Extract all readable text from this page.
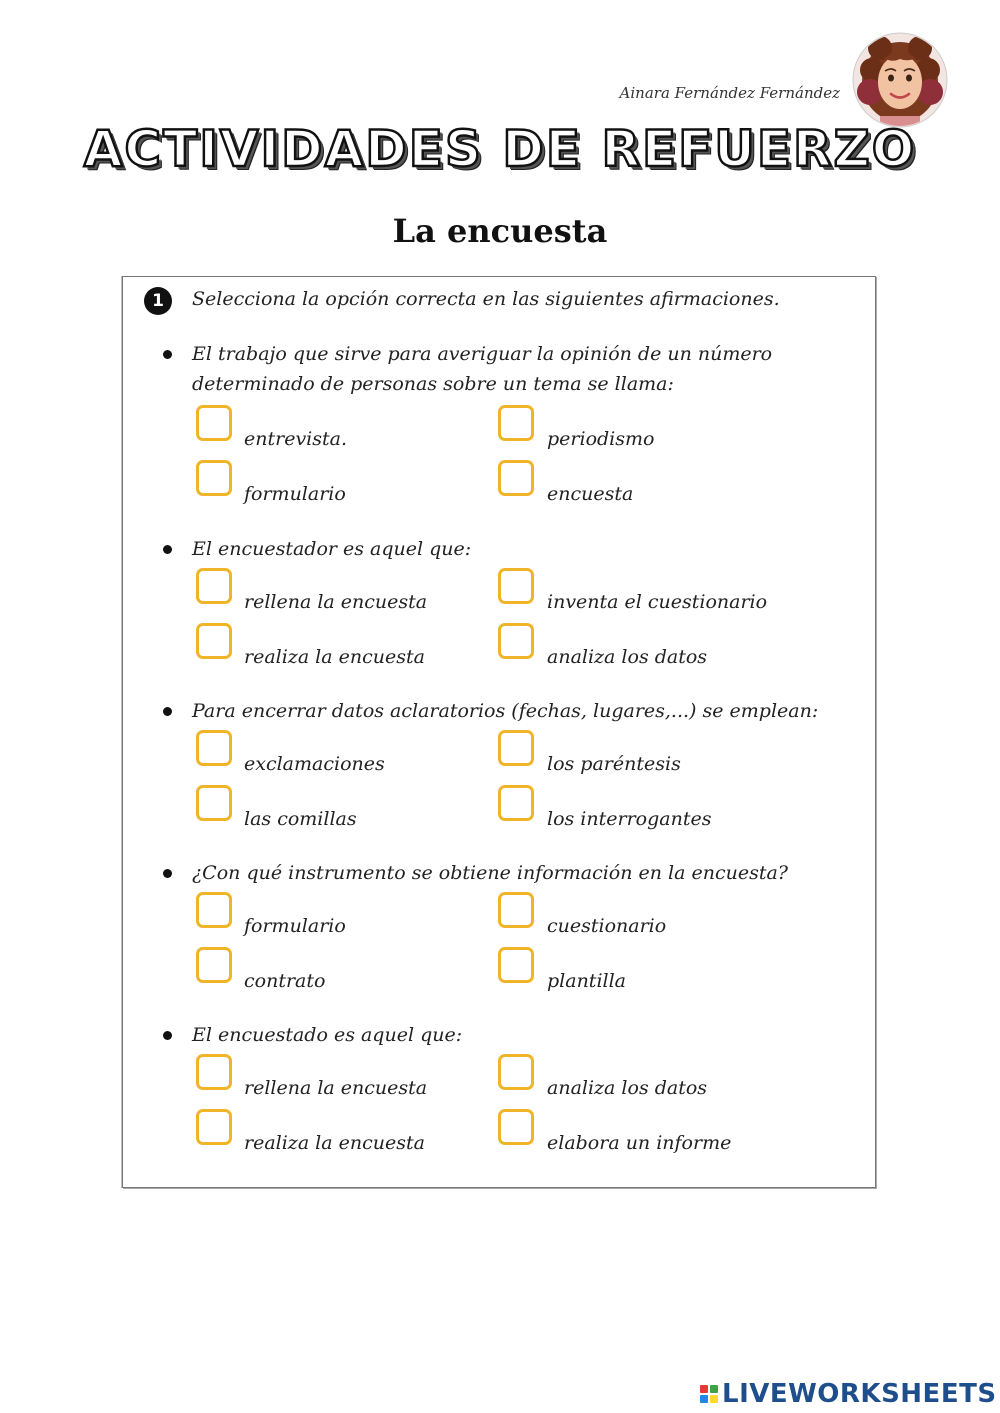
Ainara Fernández Fernández
ACTIVIDADES DE REFUERZO
La encuesta
1	Selecciona la opción correcta en las siguientes afirmaciones.
El trabajo que sirve para averiguar la opinión de un número
determinado de personas sobre un tema se llama:
entrevista.	periodismo
formulario	encuesta
El encuestador es aquel que:
rellena la encuesta	inventa el cuestionario
realiza la encuesta	analiza los datos
Para encerrar datos aclaratorios (fechas, lugares,...) se emplean:
exclamaciones	los paréntesis
las comillas	los interrogantes
¿Con qué instrumento se obtiene información en la encuesta?
formulario	cuestionario
contrato	plantilla
El encuestado es aquel que:
rellena la encuesta	analiza los datos
realiza la encuesta	elabora un informe
LIVEWORKSHEETS
